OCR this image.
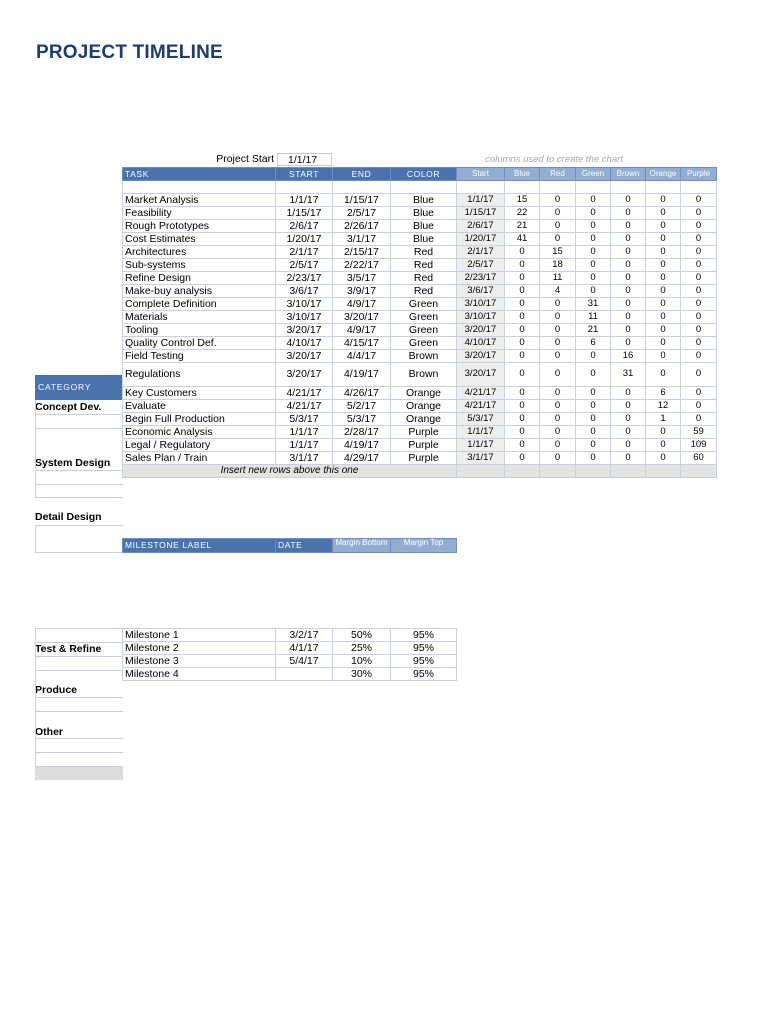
PROJECT TIMELINE
Project Start	1/1/17	columns used to create the chart
TASK	START	END	COLOR	Start	Blue	Red	Green	Brown	Orange	Purple

Market Analysis	1/1/17	1/15/17	Blue	1/1/17	15	0	0	0	0	0
Feasibility	1/15/17	2/5/17	Blue	1/15/17	22	0	0	0	0	0
Rough Prototypes	2/6/17	2/26/17	Blue	2/6/17	21	0	0	0	0	0
Cost Estimates	1/20/17	3/1/17	Blue	1/20/17	41	0	0	0	0	0
Architectures	2/1/17	2/15/17	Red	2/1/17	0	15	0	0	0	0
Sub-systems	2/5/17	2/22/17	Red	2/5/17	0	18	0	0	0	0
Refine Design	2/23/17	3/5/17	Red	2/23/17	0	11	0	0	0	0
Make-buy analysis	3/6/17	3/9/17	Red	3/6/17	0	4	0	0	0	0
Complete Definition	3/10/17	4/9/17	Green	3/10/17	0	0	31	0	0	0
Materials	3/10/17	3/20/17	Green	3/10/17	0	0	11	0	0	0
Tooling	3/20/17	4/9/17	Green	3/20/17	0	0	21	0	0	0
Quality Control Def.	4/10/17	4/15/17	Green	4/10/17	0	0	6	0	0	0
Field Testing	3/20/17	4/4/17	Brown	3/20/17	0	0	0	16	0	0
Regulations	3/20/17	4/19/17	Brown	3/20/17	0	0	0	31	0	0
Key Customers	4/21/17	4/26/17	Orange	4/21/17	0	0	0	0	6	0
Evaluate	4/21/17	5/2/17	Orange	4/21/17	0	0	0	0	12	0
Begin Full Production	5/3/17	5/3/17	Orange	5/3/17	0	0	0	0	1	0
Economic Analysis	1/1/17	2/28/17	Purple	1/1/17	0	0	0	0	0	59
Legal / Regulatory	1/1/17	4/19/17	Purple	1/1/17	0	0	0	0	0	109
Sales Plan / Train	3/1/17	4/29/17	Purple	3/1/17	0	0	0	0	0	60
Insert new rows above this one										
CATEGORY
Concept Dev.
System Design
Detail Design
Test & Refine
Produce
Other
MILESTONE LABEL	DATE	Margin Bottom	Margin Top
Milestone 1	3/2/17	50%	95%
Milestone 2	4/1/17	25%	95%
Milestone 3	5/4/17	10%	95%
Milestone 4		30%	95%
